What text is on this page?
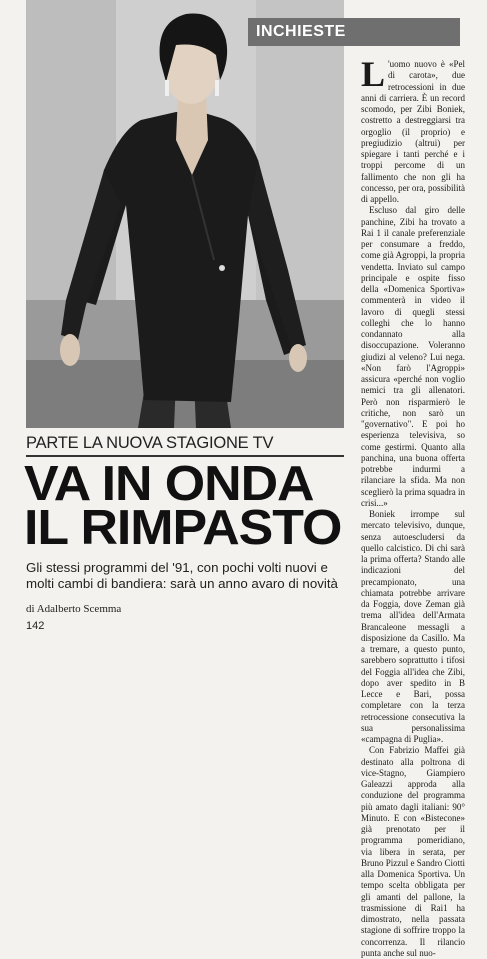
INCHIESTE
PARTE LA NUOVA STAGIONE TV
VA IN ONDA
IL RIMPASTO
Gli stessi programmi del '91, con pochi volti nuovi e molti cambi di bandiera: sarà un anno avaro di novità
di Adalberto Scemma
142

L 'uomo nuovo è «Pel di carota», due retrocessioni in due anni di carriera. È un record scomodo, per Zibi Boniek, costretto a destreggiarsi tra orgoglio (il proprio) e pregiudizio (altrui) per spiegare i tanti perché e i troppi percome di un fallimento che non gli ha concesso, per ora, possibilità di appello.

Escluso dal giro delle panchine, Zibi ha trovato a Rai 1 il canale preferenziale per consumare a freddo, come già Agroppi, la propria vendetta. Inviato sul campo principale e ospite fisso della «Domenica Sportiva» commenterà in video il lavoro di quegli stessi colleghi che lo hanno condannato alla disoccupazione. Voleranno giudizi al veleno? Lui nega. «Non farò l'Agroppi» assicura «perché non voglio nemici tra gli allenatori. Però non risparmierò le critiche, non sarò un "governativo". E poi ho esperienza televisiva, so come gestirmi. Quanto alla panchina, una buona offerta potrebbe indurmi a rilanciare la sfida. Ma non sceglierò la prima squadra in crisi...»

Boniek irrompe sul mercato televisivo, dunque, senza autoescludersi da quello calcistico. Di chi sarà la prima offerta? Stando alle indicazioni del precampionato, una chiamata potrebbe arrivare da Foggia, dove Zeman già trema all'idea dell'Armata Brancaleone messagli a disposizione da Casillo. Ma a tremare, a questo punto, sarebbero soprattutto i tifosi del Foggia all'idea che Zibi, dopo aver spedito in B Lecce e Bari, possa completare con la terza retrocessione consecutiva la sua personalissima «campagna di Puglia».

Con Fabrizio Maffei già destinato alla poltrona di vice-Stagno, Giampiero Galeazzi approda alla conduzione del programma più amato dagli italiani: 90° Minuto. E con «Bistecone» già prenotato per il programma pomeridiano, via libera in serata, per Bruno Pizzul e Sandro Ciotti alla Domenica Sportiva. Un tempo scelta obbligata per gli amanti del pallone, la trasmissione di Rai1 ha dimostrato, nella passata stagione di soffrire troppo la concorrenza. Il rilancio punta anche sul nuo-
